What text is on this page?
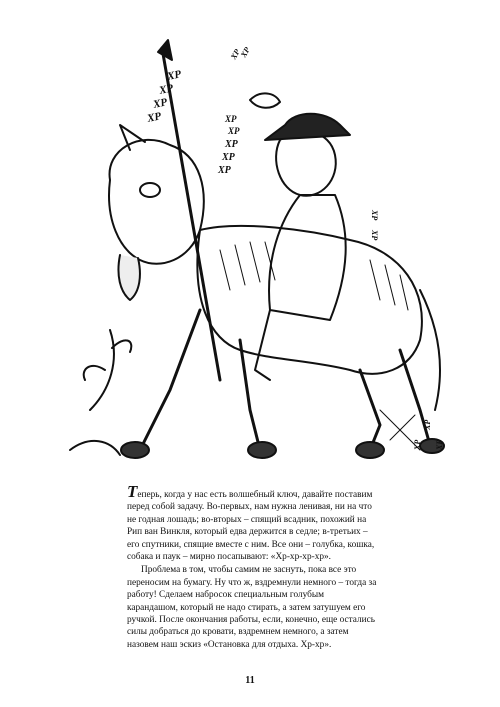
ХР
ХР
ХР
ХР	ХР
ХР
ХР
ХР
ХР
ХР
ХР
ХР
ХР
ХР
ХР
ХР

Теперь, когда у нас есть волшебный ключ, давайте поставим перед собой задачу. Во-первых, нам нужна ленивая, ни на что не годная лошадь; во-вторых – спящий всадник, похожий на Рип ван Винкля, который едва держится в седле; в-третьих – его спутники, спящие вместе с ним. Все они – голубка, кошка, собака и паук – мирно посапывают: «Хр-хр-хр-хр».

Проблема в том, чтобы самим не заснуть, пока все это переносим на бумагу. Ну что ж, вздремнули немного – тогда за работу! Сделаем набросок специальным голубым карандашом, который не надо стирать, а затем затушуем его ручкой. После окончания работы, если, конечно, еще остались силы добраться до кровати, вздремнем немного, а затем назовем наш эскиз «Остановка для отдыха. Хр-хр».

11
